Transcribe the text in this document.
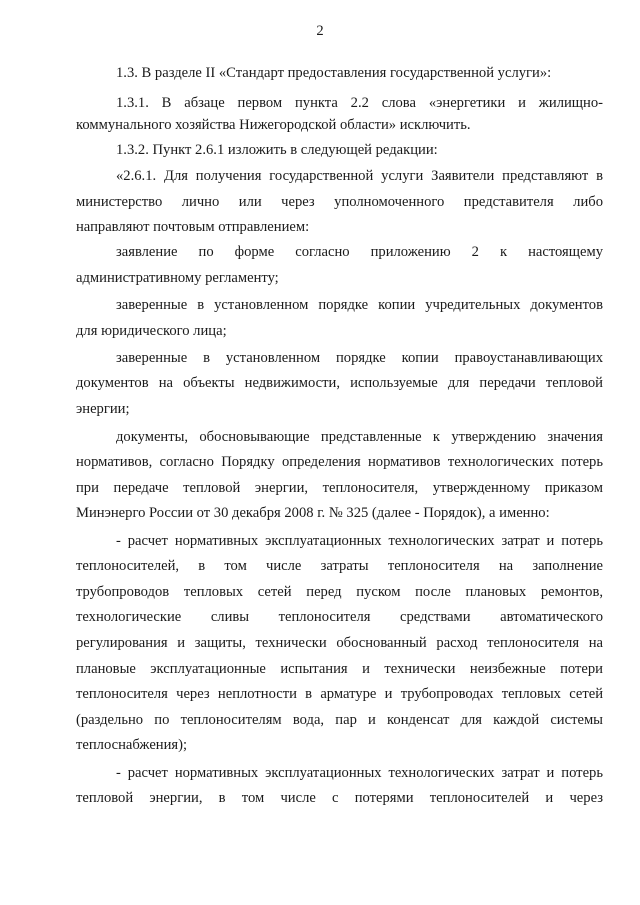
2
1.3. В разделе II «Стандарт предоставления государственной услуги»:
1.3.1. В абзаце первом пункта 2.2 слова «энергетики и жилищно-
коммунального хозяйства Нижегородской области» исключить.
1.3.2. Пункт 2.6.1 изложить в следующей редакции:
«2.6.1. Для получения государственной услуги Заявители представляют в
министерство лично или через уполномоченного представителя либо
направляют почтовым отправлением:
заявление по форме согласно приложению 2 к настоящему
административному регламенту;
заверенные в установленном порядке копии учредительных документов
для юридического лица;
заверенные в установленном порядке копии правоустанавливающих
документов на объекты недвижимости, используемые для передачи тепловой
энергии;
документы, обосновывающие представленные к утверждению значения
нормативов, согласно Порядку определения нормативов технологических потерь
при передаче тепловой энергии, теплоносителя, утвержденному приказом
Минэнерго России от 30 декабря 2008 г. № 325 (далее - Порядок), а именно:
- расчет нормативных эксплуатационных технологических затрат и потерь
теплоносителей, в том числе затраты теплоносителя на заполнение
трубопроводов тепловых сетей перед пуском после плановых ремонтов,
технологические сливы теплоносителя средствами автоматического
регулирования и защиты, технически обоснованный расход теплоносителя на
плановые эксплуатационные испытания и технически неизбежные потери
теплоносителя через неплотности в арматуре и трубопроводах тепловых сетей
(раздельно по теплоносителям вода, пар и конденсат для каждой системы
теплоснабжения);
- расчет нормативных эксплуатационных технологических затрат и потерь
тепловой энергии, в том числе с потерями теплоносителей и через
